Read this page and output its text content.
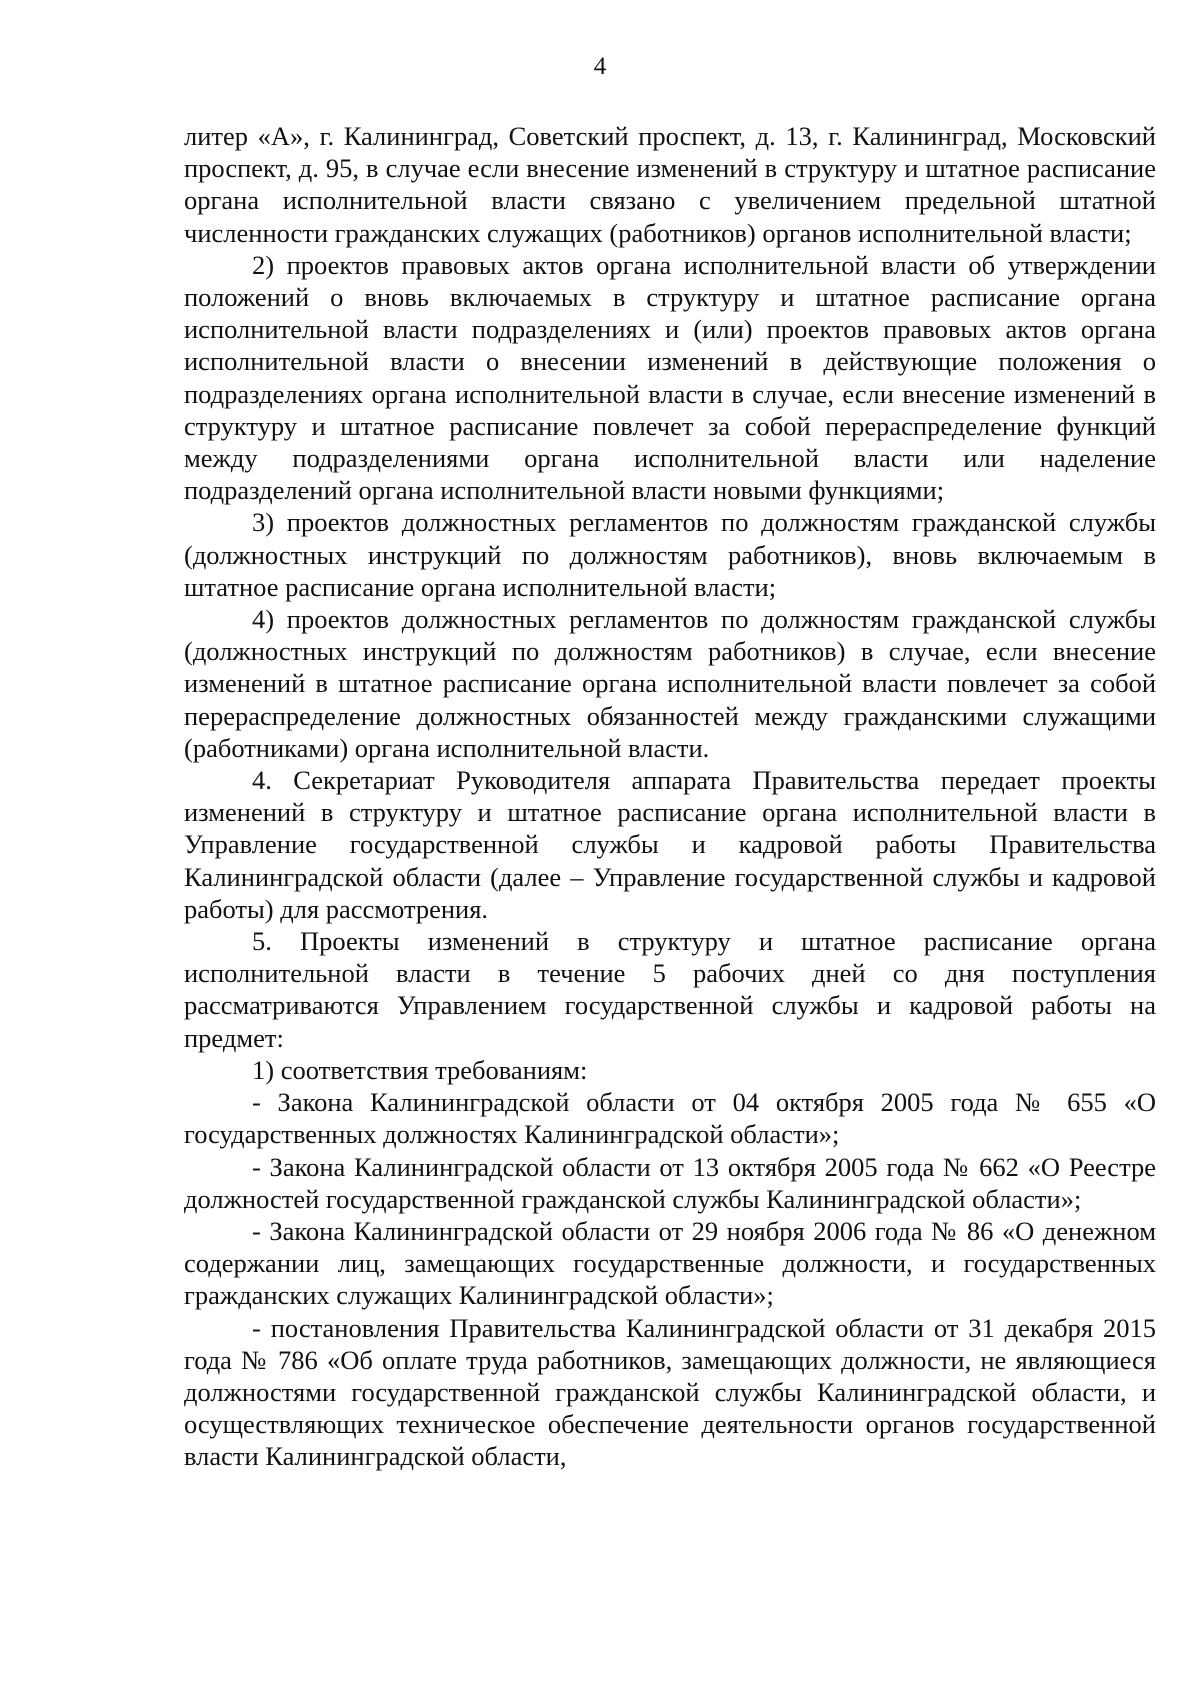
4

литер «А», г. Калининград, Советский проспект, д. 13, г. Калининград, Московский проспект, д. 95, в случае если внесение изменений в структуру и штатное расписание органа исполнительной власти связано с увеличением предельной штатной численности гражданских служащих (работников) органов исполнительной власти;

2) проектов правовых актов органа исполнительной власти об утверждении положений о вновь включаемых в структуру и штатное расписание органа исполнительной власти подразделениях и (или) проектов правовых актов органа исполнительной власти о внесении изменений в действующие положения о подразделениях органа исполнительной власти в случае, если внесение изменений в структуру и штатное расписание повлечет за собой перераспределение функций между подразделениями органа исполнительной власти или наделение подразделений органа исполнительной власти новыми функциями;

3) проектов должностных регламентов по должностям гражданской службы (должностных инструкций по должностям работников), вновь включаемым в штатное расписание органа исполнительной власти;

4) проектов должностных регламентов по должностям гражданской службы (должностных инструкций по должностям работников) в случае, если внесение изменений в штатное расписание органа исполнительной власти повлечет за собой перераспределение должностных обязанностей между гражданскими служащими (работниками) органа исполнительной власти.

4. Секретариат Руководителя аппарата Правительства передает проекты изменений в структуру и штатное расписание органа исполнительной власти в Управление государственной службы и кадровой работы Правительства Калининградской области (далее – Управление государственной службы и кадровой работы) для рассмотрения.

5. Проекты изменений в структуру и штатное расписание органа исполнительной власти в течение 5 рабочих дней со дня поступления рассматриваются Управлением государственной службы и кадровой работы на предмет:

1) соответствия требованиям:

- Закона Калининградской области от 04 октября 2005 года № 655 «О государственных должностях Калининградской области»;

- Закона Калининградской области от 13 октября 2005 года № 662 «О Реестре должностей государственной гражданской службы Калининградской области»;

- Закона Калининградской области от 29 ноября 2006 года № 86 «О денежном содержании лиц, замещающих государственные должности, и государственных гражданских служащих Калининградской области»;

- постановления Правительства Калининградской области от 31 декабря 2015 года № 786 «Об оплате труда работников, замещающих должности, не являющиеся должностями государственной гражданской службы Калининградской области, и осуществляющих техническое обеспечение деятельности органов государственной власти Калининградской области,
